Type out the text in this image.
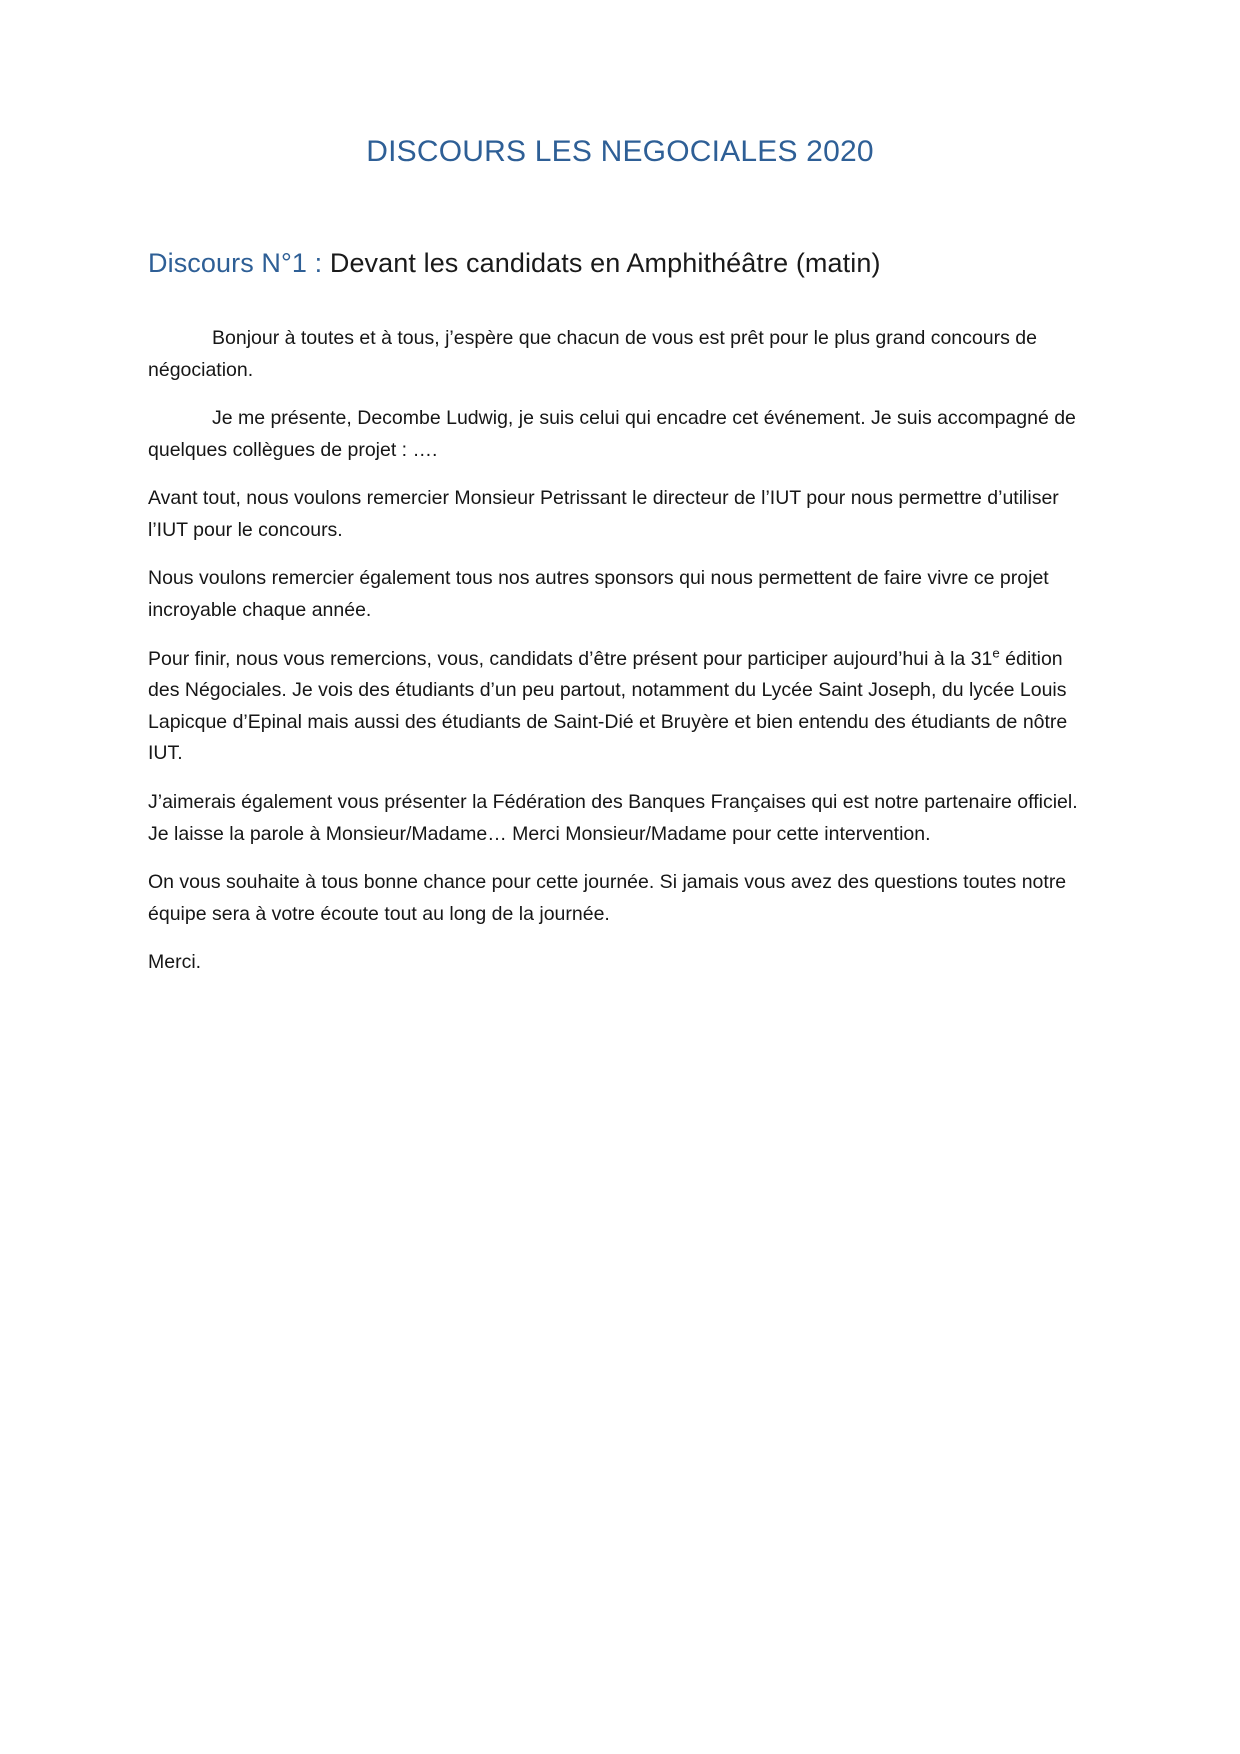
DISCOURS LES NEGOCIALES 2020
Discours N°1 : Devant les candidats en Amphithéâtre (matin)

Bonjour à toutes et à tous, j’espère que chacun de vous est prêt pour le plus grand concours de négociation.

Je me présente, Decombe Ludwig, je suis celui qui encadre cet événement. Je suis accompagné de quelques collègues de projet : ….

Avant tout, nous voulons remercier Monsieur Petrissant le directeur de l’IUT pour nous permettre d’utiliser l’IUT pour le concours.

Nous voulons remercier également tous nos autres sponsors qui nous permettent de faire vivre ce projet incroyable chaque année.

Pour finir, nous vous remercions, vous, candidats d’être présent pour participer aujourd’hui à la 31e édition des Négociales. Je vois des étudiants d’un peu partout, notamment du Lycée Saint Joseph, du lycée Louis Lapicque d’Epinal mais aussi des étudiants de Saint-Dié et Bruyère et bien entendu des étudiants de nôtre IUT.

J’aimerais également vous présenter la Fédération des Banques Françaises qui est notre partenaire officiel. Je laisse la parole à Monsieur/Madame… Merci Monsieur/Madame pour cette intervention.

On vous souhaite à tous bonne chance pour cette journée. Si jamais vous avez des questions toutes notre équipe sera à votre écoute tout au long de la journée.

Merci.
